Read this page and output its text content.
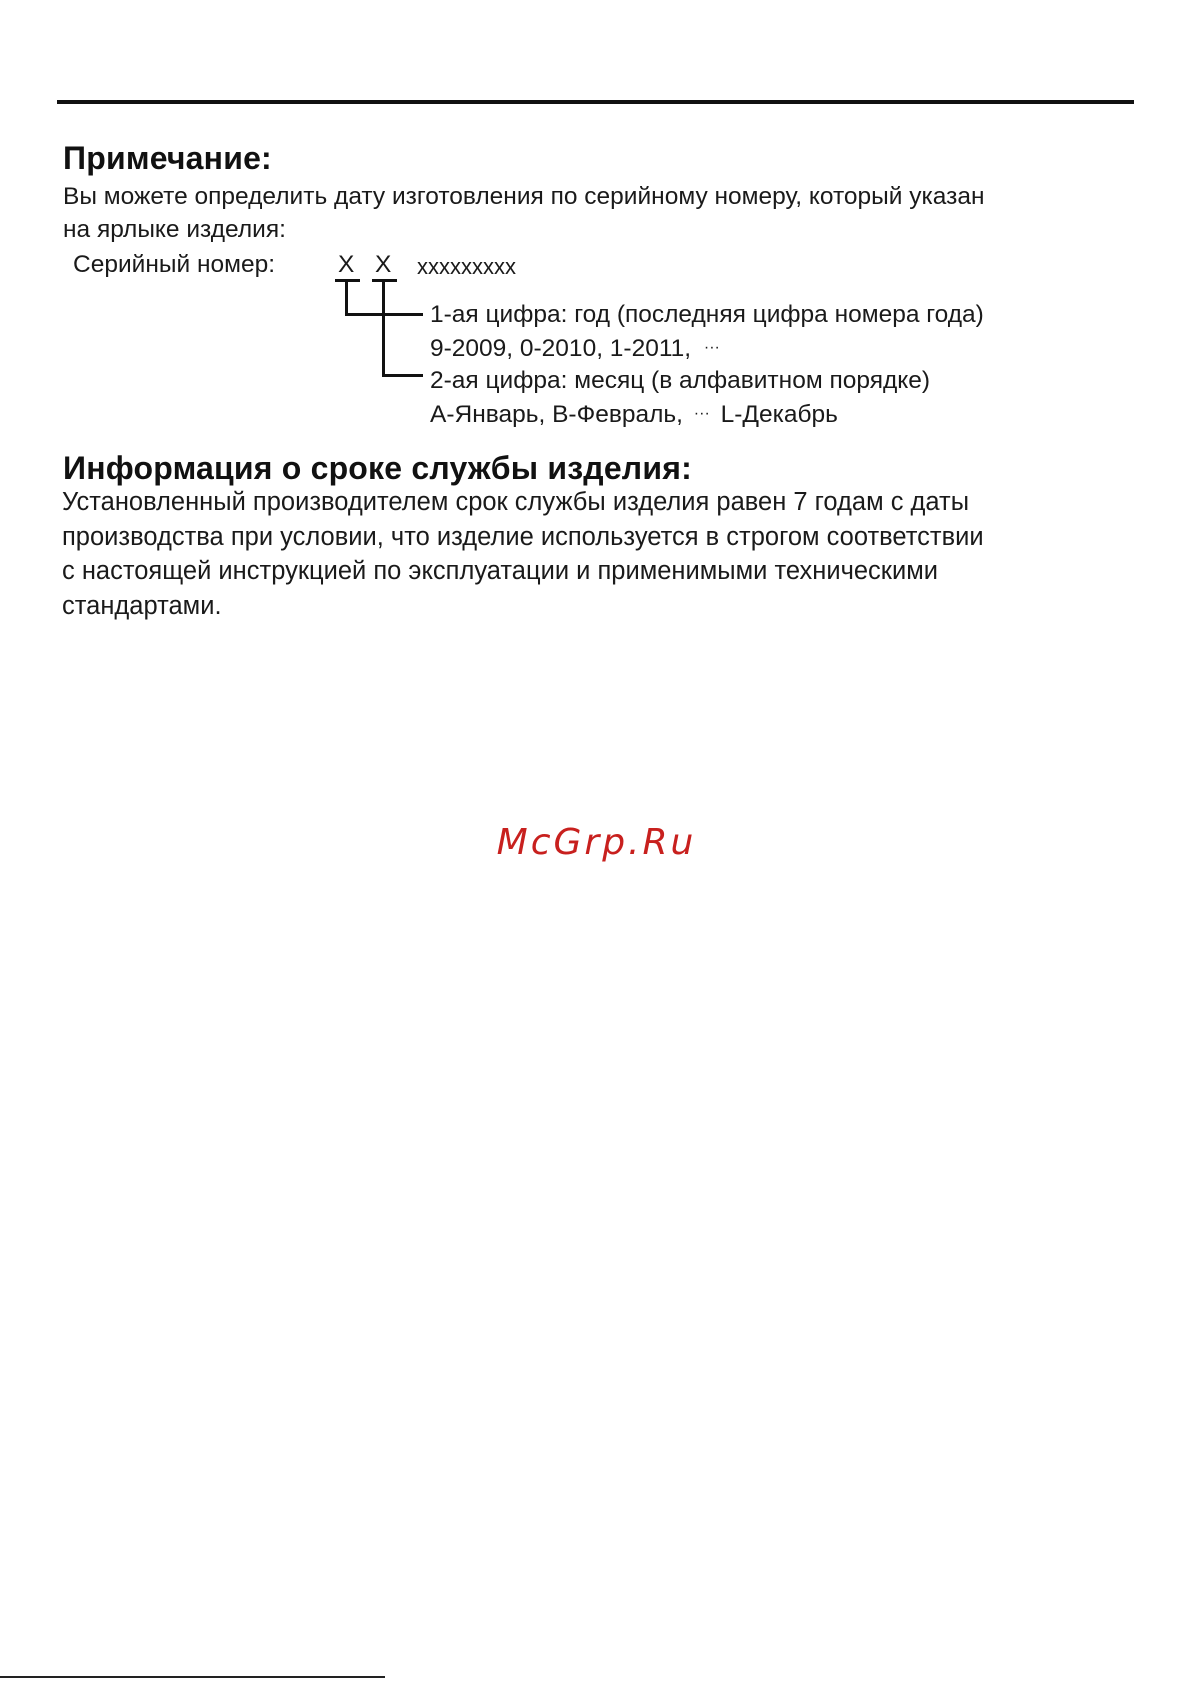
Примечание:
Вы можете определить дату изготовления по серийному номеру, который указан
на ярлыке изделия:
Серийный номер:	X X xxxxxxxxx
1-ая цифра: год (последняя цифра номера года)
9-2009, 0-2010, 1-2011, ···
2-ая цифра: месяц (в алфавитном порядке)
A-Январь, B-Февраль, ··· L-Декабрь
Информация о сроке службы изделия:
Установленный производителем срок службы изделия равен 7 годам с даты
производства при условии, что изделие используется в строгом соответствии
с настоящей инструкцией по эксплуатации и применимыми техническими
стандартами.
McGrp.Ru
